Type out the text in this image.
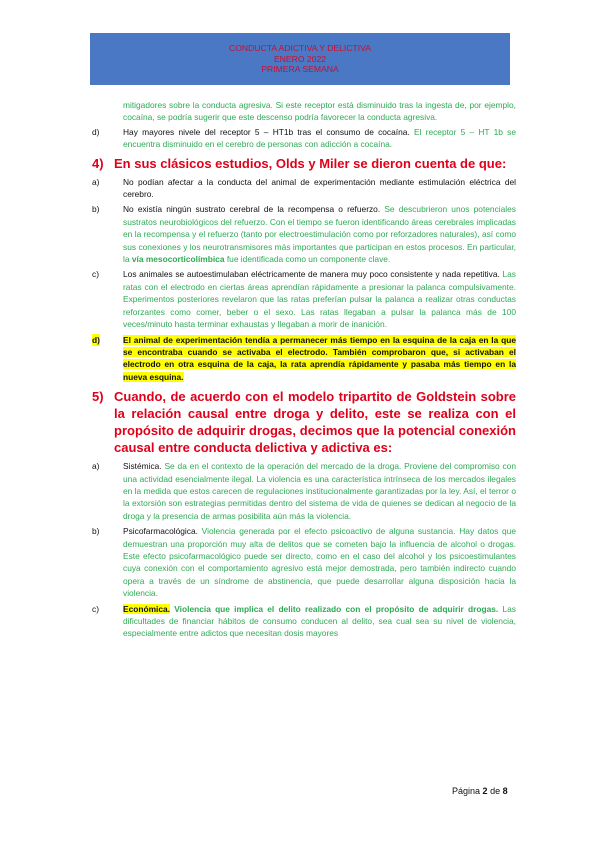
CONDUCTA ADICTIVA Y DELICTIVA
ENERO 2022
PRIMERA SEMANA
mitigadores sobre la conducta agresiva. Si este receptor está disminuido tras la ingesta de, por ejemplo, cocaína, se podría sugerir que este descenso podría favorecer la conducta agresiva.
d)	Hay mayores nivele del receptor 5 – HT1b tras el consumo de cocaína. El receptor 5 – HT 1b se encuentra disminuido en el cerebro de personas con adicción a cocaína.
4) En sus clásicos estudios, Olds y Miler se dieron cuenta de que:
a)	No podían afectar a la conducta del animal de experimentación mediante estimulación eléctrica del cerebro.
b)	No existía ningún sustrato cerebral de la recompensa o refuerzo. Se descubrieron unos potenciales sustratos neurobiológicos del refuerzo. Con el tiempo se fueron identificando áreas cerebrales implicadas en la recompensa y el refuerzo (tanto por electroestimulación como por reforzadores naturales), así como sus conexiones y los neurotransmisores más importantes que participan en estos procesos. En particular, la vía mesocorticolímbica fue identificada como un componente clave.
c)	Los animales se autoestimulaban eléctricamente de manera muy poco consistente y nada repetitiva. Las ratas con el electrodo en ciertas áreas aprendían rápidamente a presionar la palanca compulsivamente. Experimentos posteriores revelaron que las ratas preferían pulsar la palanca a realizar otras conductas reforzantes como comer, beber o el sexo. Las ratas llegaban a pulsar la palanca más de 100 veces/minuto hasta terminar exhaustas y llegaban a morir de inanición.
d)	El animal de experimentación tendía a permanecer más tiempo en la esquina de la caja en la que se encontraba cuando se activaba el electrodo. También comprobaron que, si activaban el electrodo en otra esquina de la caja, la rata aprendía rápidamente y pasaba más tiempo en la nueva esquina.
5) Cuando, de acuerdo con el modelo tripartito de Goldstein sobre la relación causal entre droga y delito, este se realiza con el propósito de adquirir drogas, decimos que la potencial conexión causal entre conducta delictiva y adictiva es:
a)	Sistémica. Se da en el contexto de la operación del mercado de la droga. Proviene del compromiso con una actividad esencialmente ilegal. La violencia es una característica intrínseca de los mercados ilegales en la medida que estos carecen de regulaciones institucionalmente garantizadas por la ley. Así, el terror o la extorsión son estrategias permitidas dentro del sistema de vida de quienes se dedican al negocio de la droga y la presencia de armas posibilita aún más la violencia.
b)	Psicofarmacológica. Violencia generada por el efecto psicoactivo de alguna sustancia. Hay datos que demuestran una proporción muy alta de delitos que se cometen bajo la influencia de alcohol o drogas. Este efecto psicofarmacológico puede ser directo, como en el caso del alcohol y los psicoestimulantes cuya conexión con el comportamiento agresivo está mejor demostrada, pero también indirecto cuando opera a través de un síndrome de abstinencia, que puede desarrollar alguna disposición hacia la violencia.
c)	Económica. Violencia que implica el delito realizado con el propósito de adquirir drogas. Las dificultades de financiar hábitos de consumo conducen al delito, sea cual sea su nivel de violencia, especialmente entre adictos que necesitan dosis mayores
Página 2 de 8
